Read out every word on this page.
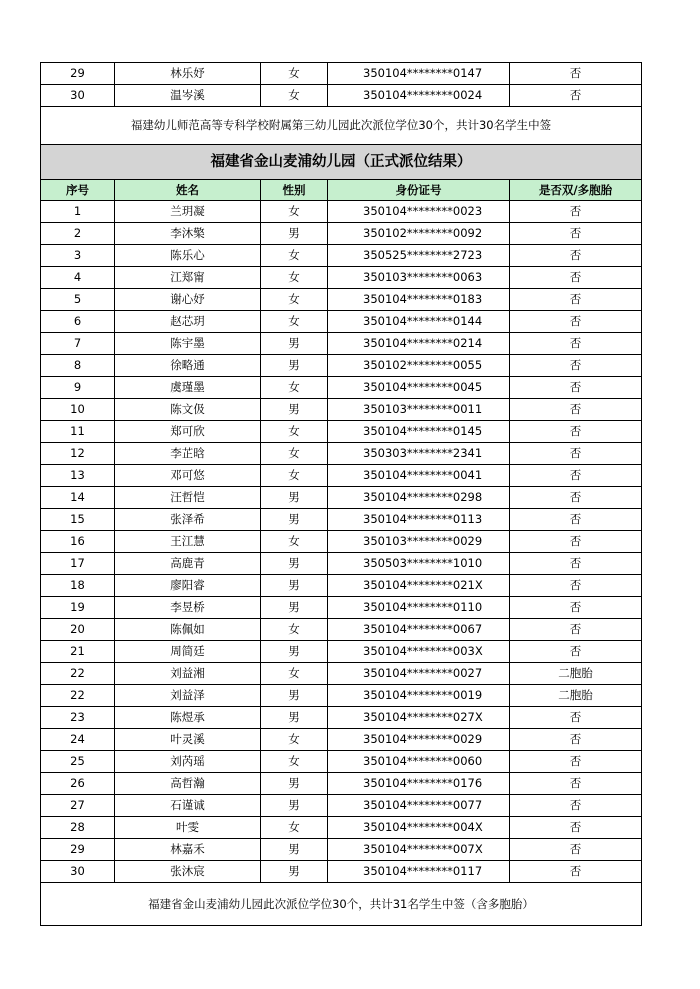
29	林乐妤	女	350104********0147	否
30	温岑溪	女	350104********0024	否
福建幼儿师范高等专科学校附属第三幼儿园此次派位学位30个，共计30名学生中签				
福建省金山麦浦幼儿园（正式派位结果）				
序号	姓名	性别	身份证号	是否双/多胞胎
1	兰玥凝	女	350104********0023	否
2	李沐檠	男	350102********0092	否
3	陈乐心	女	350525********2723	否
4	江郑甯	女	350103********0063	否
5	谢心妤	女	350104********0183	否
6	赵芯玥	女	350104********0144	否
7	陈宇墨	男	350104********0214	否
8	徐略通	男	350102********0055	否
9	虞瑾墨	女	350104********0045	否
10	陈文伋	男	350103********0011	否
11	郑可欣	女	350104********0145	否
12	李芷晗	女	350303********2341	否
13	邓可悠	女	350104********0041	否
14	汪哲恺	男	350104********0298	否
15	张泽希	男	350104********0113	否
16	王江慧	女	350103********0029	否
17	高鹿青	男	350503********1010	否
18	廖阳睿	男	350104********021X	否
19	李昱桥	男	350104********0110	否
20	陈佩如	女	350104********0067	否
21	周简廷	男	350104********003X	否
22	刘益湘	女	350104********0027	二胞胎
22	刘益泽	男	350104********0019	二胞胎
23	陈煜承	男	350104********027X	否
24	叶灵溪	女	350104********0029	否
25	刘芮瑶	女	350104********0060	否
26	高哲瀚	男	350104********0176	否
27	石谨诚	男	350104********0077	否
28	叶雯	女	350104********004X	否
29	林嘉禾	男	350104********007X	否
30	张沐宸	男	350104********0117	否
福建省金山麦浦幼儿园此次派位学位30个，共计31名学生中签（含多胞胎）				
